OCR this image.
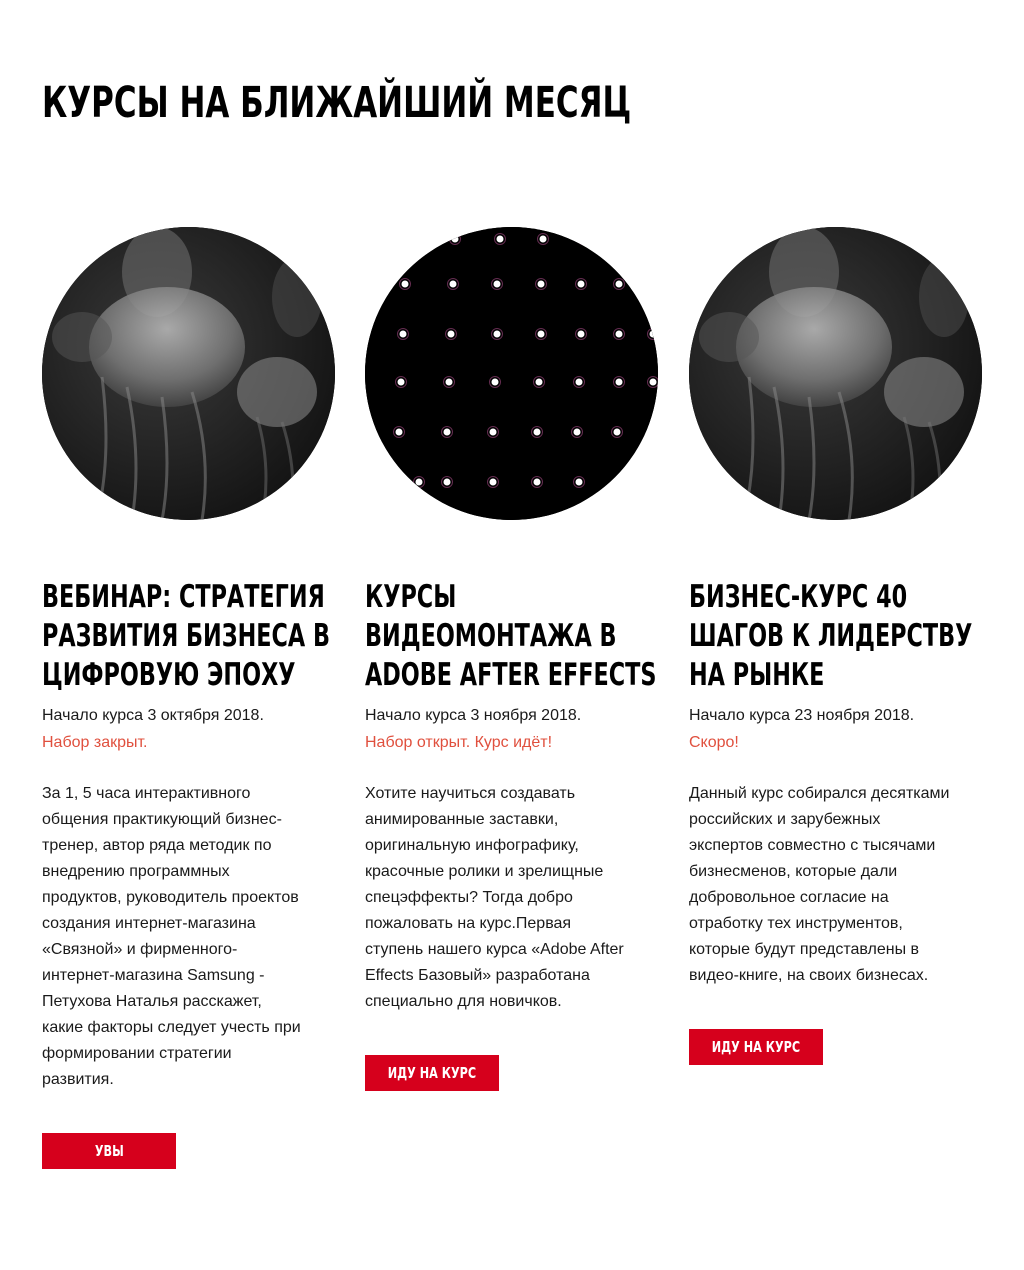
КУРСЫ НА БЛИЖАЙШИЙ МЕСЯЦ
ВЕБИНАР: СТРАТЕГИЯ
РАЗВИТИЯ БИЗНЕСА В
ЦИФРОВУЮ ЭПОХУ
Начало курса 3 октября 2018.
Набор закрыт.

За 1, 5 часа интерактивного
общения практикующий бизнес-
тренер, автор ряда методик по
внедрению программных
продуктов, руководитель проектов
создания интернет-магазина
«Связной» и фирменного-
интернет-магазина Samsung -
Петухова Наталья расскажет,
какие факторы следует учесть при
формировании стратегии
развития.

УВЫ
КУРСЫ
ВИДЕОМОНТАЖА В
ADOBE AFTER EFFECTS
Начало курса 3 ноября 2018.
Набор открыт. Курс идёт!

Хотите научиться создавать
анимированные заставки,
оригинальную инфографику,
красочные ролики и зрелищные
спецэффекты? Тогда добро
пожаловать на курс.Первая
ступень нашего курса «Adobe After
Effects Базовый» разработана
специально для новичков.

ИДУ НА КУРС
БИЗНЕС-КУРС 40
ШАГОВ К ЛИДЕРСТВУ
НА РЫНКЕ
Начало курса 23 ноября 2018.
Скоро!

Данный курс собирался десятками
российских и зарубежных
экспертов совместно с тысячами
бизнесменов, которые дали
добровольное согласие на
отработку тех инструментов,
которые будут представлены в
видео-книге, на своих бизнесах.

ИДУ НА КУРС
